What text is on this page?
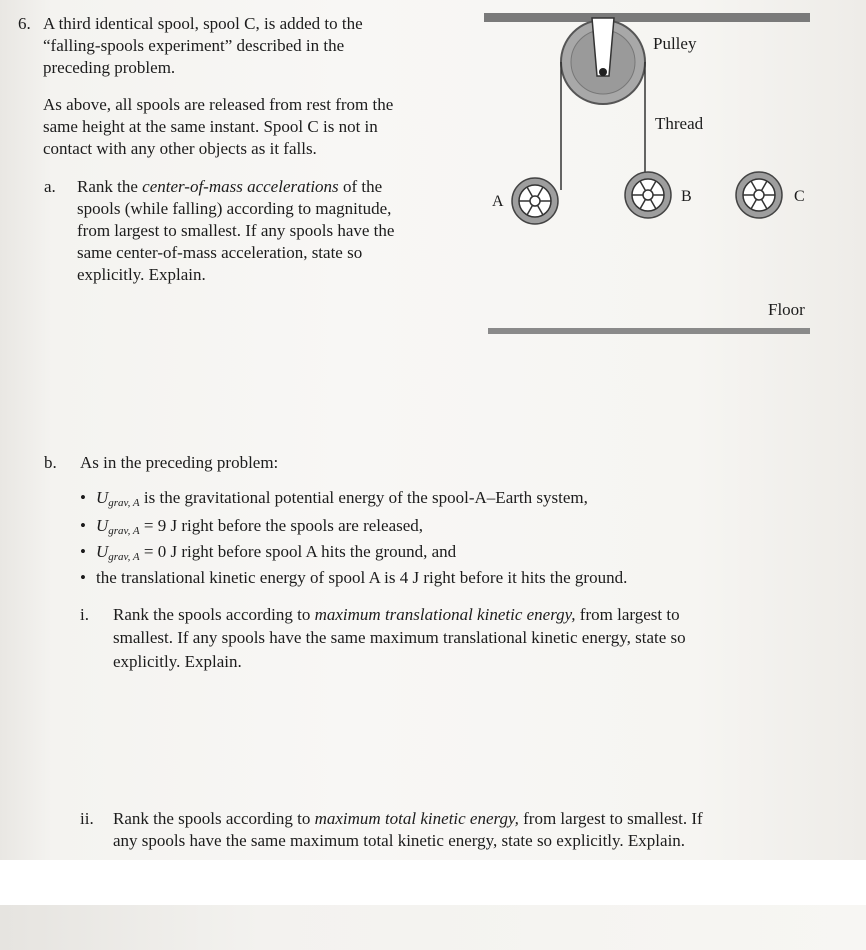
6. A third identical spool, spool C, is added to the
“falling-spools experiment” described in the
preceding problem.
As above, all spools are released from rest from the
same height at the same instant. Spool C is not in
contact with any other objects as it falls.
a. Rank the center-of-mass accelerations of the
spools (while falling) according to magnitude,
from largest to smallest. If any spools have the
same center-of-mass acceleration, state so
explicitly. Explain.
Pulley
Thread
A	B	C
Floor
b. As in the preceding problem:
• Ugrav, A is the gravitational potential energy of the spool-A–Earth system,
• Ugrav, A = 9 J right before the spools are released,
• Ugrav, A = 0 J right before spool A hits the ground, and
• the translational kinetic energy of spool A is 4 J right before it hits the ground.
i. Rank the spools according to maximum translational kinetic energy, from largest to
smallest. If any spools have the same maximum translational kinetic energy, state so
explicitly. Explain.
ii. Rank the spools according to maximum total kinetic energy, from largest to smallest. If
any spools have the same maximum total kinetic energy, state so explicitly. Explain.
